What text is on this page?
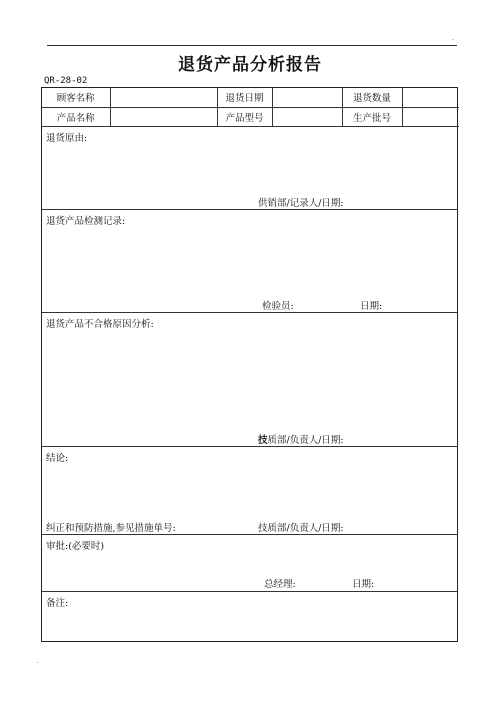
·
退货产品分析报告
QR-28-02
顾客名称		退货日期		退货数量	
产品名称		产品型号		生产批号	
退货原由:
供销部/记录人/日期:
退货产品检测记录:
检验员:	日期:
退货产品不合格原因分析:
技质部/负责人/日期:
结论:
纠正和预防措施,参见措施单号:	技质部/负责人/日期:
审批:(必要时)
总经理:	日期:
备注:
·
